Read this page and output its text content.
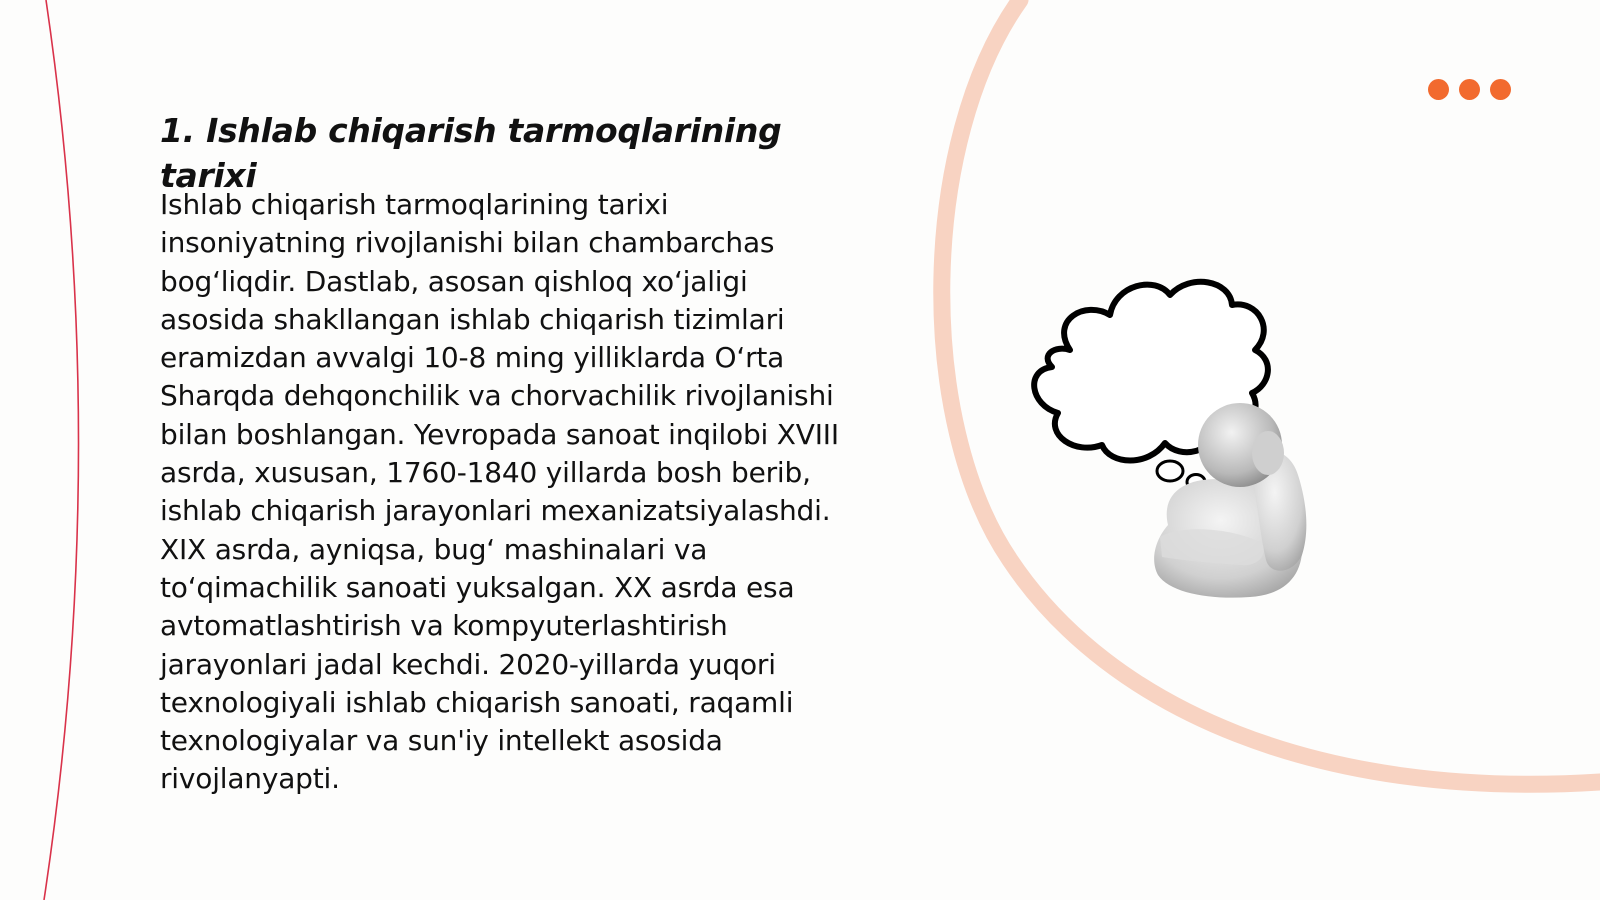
1. Ishlab chiqarish tarmoqlarining tarixi

Ishlab chiqarish tarmoqlarining tarixi insoniyatning rivojlanishi bilan chambarchas bog‘liqdir. Dastlab, asosan qishloq xo‘jaligi asosida shakllangan ishlab chiqarish tizimlari eramizdan avvalgi 10-8 ming yilliklarda O‘rta Sharqda dehqonchilik va chorvachilik rivojlanishi bilan boshlangan. Yevropada sanoat inqilobi XVIII asrda, xususan, 1760-1840 yillarda bosh berib, ishlab chiqarish jarayonlari mexanizatsiyalashdi. XIX asrda, ayniqsa, bug‘ mashinalari va to‘qimachilik sanoati yuksalgan. XX asrda esa avtomatlashtirish va kompyuterlashtirish jarayonlari jadal kechdi. 2020-yillarda yuqori texnologiyali ishlab chiqarish sanoati, raqamli texnologiyalar va sun'iy intellekt asosida rivojlanyapti.
